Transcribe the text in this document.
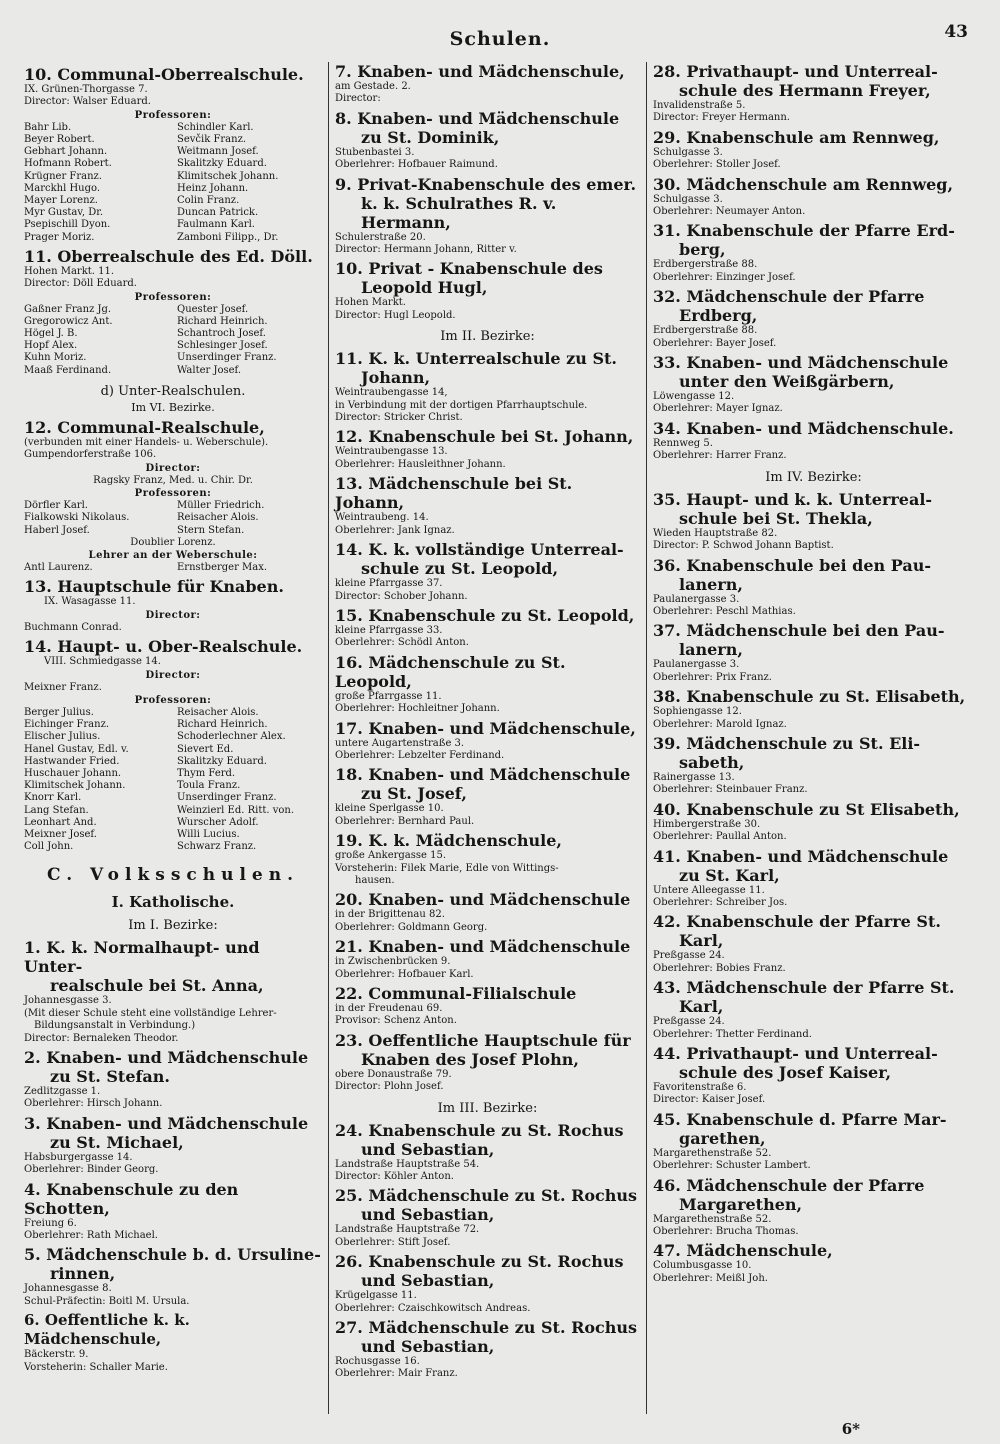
Schulen.	43
10. Communal-Oberrealschule.
IX. Grünen-Thorgasse 7.
Director: Walser Eduard.
Professoren:
Bahr Lib.	Schindler Karl.
Beyer Robert.	Sevčik Franz.
Gebhart Johann.	Weitmann Josef.
Hofmann Robert.	Skalitzky Eduard.
Krügner Franz.	Klimitschek Johann.
Marckhl Hugo.	Heinz Johann.
Mayer Lorenz.	Colin Franz.
Myr Gustav, Dr.	Duncan Patrick.
Psepischill Dyon.	Faulmann Karl.
Prager Moriz.	Zamboni Filipp., Dr.
11. Oberrealschule des Ed. Döll.
Hohen Markt. 11.
Director: Döll Eduard.
Professoren:
Gaßner Franz Jg.	Quester Josef.
Gregorowicz Ant.	Richard Heinrich.
Högel J. B.	Schantroch Josef.
Hopf Alex.	Schlesinger Josef.
Kuhn Moriz.	Unserdinger Franz.
Maaß Ferdinand.	Walter Josef.
d) Unter-Realschulen.
Im VI. Bezirke.
12. Communal-Realschule,
(verbunden mit einer Handels- u. Weberschule).
Gumpendorferstraße 106.
Director:
Ragsky Franz, Med. u. Chir. Dr.
Professoren:
Dörfler Karl.	Müller Friedrich.
Fialkowski Nikolaus.	Reisacher Alois.
Haberl Josef.	Stern Stefan.
Doublier Lorenz.
Lehrer an der Weberschule:
Antl Laurenz.	Ernstberger Max.
13. Hauptschule für Knaben.
IX. Wasagasse 11.
Director:
Buchmann Conrad.
14. Haupt- u. Ober-Realschule.
VIII. Schmiedgasse 14.
Director:
Meixner Franz.
Professoren:
Berger Julius.	Reisacher Alois.
Eichinger Franz.	Richard Heinrich.
Elischer Julius.	Schoderlechner Alex.
Hanel Gustav, Edl. v.	Sievert Ed.
Hastwander Fried.	Skalitzky Eduard.
Huschauer Johann.	Thym Ferd.
Klimitschek Johann.	Toula Franz.
Knorr Karl.	Unserdinger Franz.
Lang Stefan.	Weinzierl Ed. Ritt. von.
Leonhart And.	Wurscher Adolf.
Meixner Josef.	Willi Lucius.
Coll John.	Schwarz Franz.
C. Volksschulen.
I. Katholische.
Im I. Bezirke:
1. K. k. Normalhaupt- und Unter-
realschule bei St. Anna,
Johannesgasse 3.
(Mit dieser Schule steht eine vollständige Lehrer-
Bildungsanstalt in Verbindung.)
Director: Bernaleken Theodor.
2. Knaben- und Mädchenschule
zu St. Stefan.
Zedlitzgasse 1.
Oberlehrer: Hirsch Johann.
3. Knaben- und Mädchenschule
zu St. Michael,
Habsburgergasse 14.
Oberlehrer: Binder Georg.
4. Knabenschule zu den Schotten,
Freiung 6.
Oberlehrer: Rath Michael.
5. Mädchenschule b. d. Ursuline-
rinnen,
Johannesgasse 8.
Schul-Präfectin: Boitl M. Ursula.
6. Oeffentliche k. k. Mädchenschule,
Bäckerstr. 9.
Vorsteherin: Schaller Marie.
7. Knaben- und Mädchenschule,
am Gestade. 2.
Director:
8. Knaben- und Mädchenschule
zu St. Dominik,
Stubenbastei 3.
Oberlehrer: Hofbauer Raimund.
9. Privat-Knabenschule des emer.
k. k. Schulrathes R. v. Hermann,
Schulerstraße 20.
Director: Hermann Johann, Ritter v.
10. Privat - Knabenschule des
Leopold Hugl,
Hohen Markt.
Director: Hugl Leopold.
Im II. Bezirke:
11. K. k. Unterrealschule zu St.
Johann,
Weintraubengasse 14,
in Verbindung mit der dortigen Pfarrhauptschule.
Director: Stricker Christ.
12. Knabenschule bei St. Johann,
Weintraubengasse 13.
Oberlehrer: Hausleithner Johann.
13. Mädchenschule bei St. Johann,
Weintraubeng. 14.
Oberlehrer: Jank Ignaz.
14. K. k. vollständige Unterreal-
schule zu St. Leopold,
kleine Pfarrgasse 37.
Director: Schober Johann.
15. Knabenschule zu St. Leopold,
kleine Pfarrgasse 33.
Oberlehrer: Schödl Anton.
16. Mädchenschule zu St. Leopold,
große Pfarrgasse 11.
Oberlehrer: Hochleitner Johann.
17. Knaben- und Mädchenschule,
untere Augartenstraße 3.
Oberlehrer: Lebzelter Ferdinand.
18. Knaben- und Mädchenschule
zu St. Josef,
kleine Sperlgasse 10.
Oberlehrer: Bernhard Paul.
19. K. k. Mädchenschule,
große Ankergasse 15.
Vorsteherin: Filek Marie, Edle von Wittings-
hausen.
20. Knaben- und Mädchenschule
in der Brigittenau 82.
Oberlehrer: Goldmann Georg.
21. Knaben- und Mädchenschule
in Zwischenbrücken 9.
Oberlehrer: Hofbauer Karl.
22. Communal-Filialschule
in der Freudenau 69.
Provisor: Schenz Anton.
23. Oeffentliche Hauptschule für
Knaben des Josef Plohn,
obere Donaustraße 79.
Director: Plohn Josef.
Im III. Bezirke:
24. Knabenschule zu St. Rochus
und Sebastian,
Landstraße Hauptstraße 54.
Director: Köhler Anton.
25. Mädchenschule zu St. Rochus
und Sebastian,
Landstraße Hauptstraße 72.
Oberlehrer: Stift Josef.
26. Knabenschule zu St. Rochus
und Sebastian,
Krügelgasse 11.
Oberlehrer: Czaischkowitsch Andreas.
27. Mädchenschule zu St. Rochus
und Sebastian,
Rochusgasse 16.
Oberlehrer: Mair Franz.
28. Privathaupt- und Unterreal-
schule des Hermann Freyer,
Invalidenstraße 5.
Director: Freyer Hermann.
29. Knabenschule am Rennweg,
Schulgasse 3.
Oberlehrer: Stoller Josef.
30. Mädchenschule am Rennweg,
Schulgasse 3.
Oberlehrer: Neumayer Anton.
31. Knabenschule der Pfarre Erd-
berg,
Erdbergerstraße 88.
Oberlehrer: Einzinger Josef.
32. Mädchenschule der Pfarre
Erdberg,
Erdbergerstraße 88.
Oberlehrer: Bayer Josef.
33. Knaben- und Mädchenschule
unter den Weißgärbern,
Löwengasse 12.
Oberlehrer: Mayer Ignaz.
34. Knaben- und Mädchenschule.
Rennweg 5.
Oberlehrer: Harrer Franz.
Im IV. Bezirke:
35. Haupt- und k. k. Unterreal-
schule bei St. Thekla,
Wieden Hauptstraße 82.
Director: P. Schwod Johann Baptist.
36. Knabenschule bei den Pau-
lanern,
Paulanergasse 3.
Oberlehrer: Peschl Mathias.
37. Mädchenschule bei den Pau-
lanern,
Paulanergasse 3.
Oberlehrer: Prix Franz.
38. Knabenschule zu St. Elisabeth,
Sophiengasse 12.
Oberlehrer: Marold Ignaz.
39. Mädchenschule zu St. Eli-
sabeth,
Rainergasse 13.
Oberlehrer: Steinbauer Franz.
40. Knabenschule zu St Elisabeth,
Himbergerstraße 30.
Oberlehrer: Paullal Anton.
41. Knaben- und Mädchenschule
zu St. Karl,
Untere Alleegasse 11.
Oberlehrer: Schreiber Jos.
42. Knabenschule der Pfarre St.
Karl,
Preßgasse 24.
Oberlehrer: Bobies Franz.
43. Mädchenschule der Pfarre St.
Karl,
Preßgasse 24.
Oberlehrer: Thetter Ferdinand.
44. Privathaupt- und Unterreal-
schule des Josef Kaiser,
Favoritenstraße 6.
Director: Kaiser Josef.
45. Knabenschule d. Pfarre Mar-
garethen,
Margarethenstraße 52.
Oberlehrer: Schuster Lambert.
46. Mädchenschule der Pfarre
Margarethen,
Margarethenstraße 52.
Oberlehrer: Brucha Thomas.
47. Mädchenschule,
Columbusgasse 10.
Oberlehrer: Meißl Joh.
6*
